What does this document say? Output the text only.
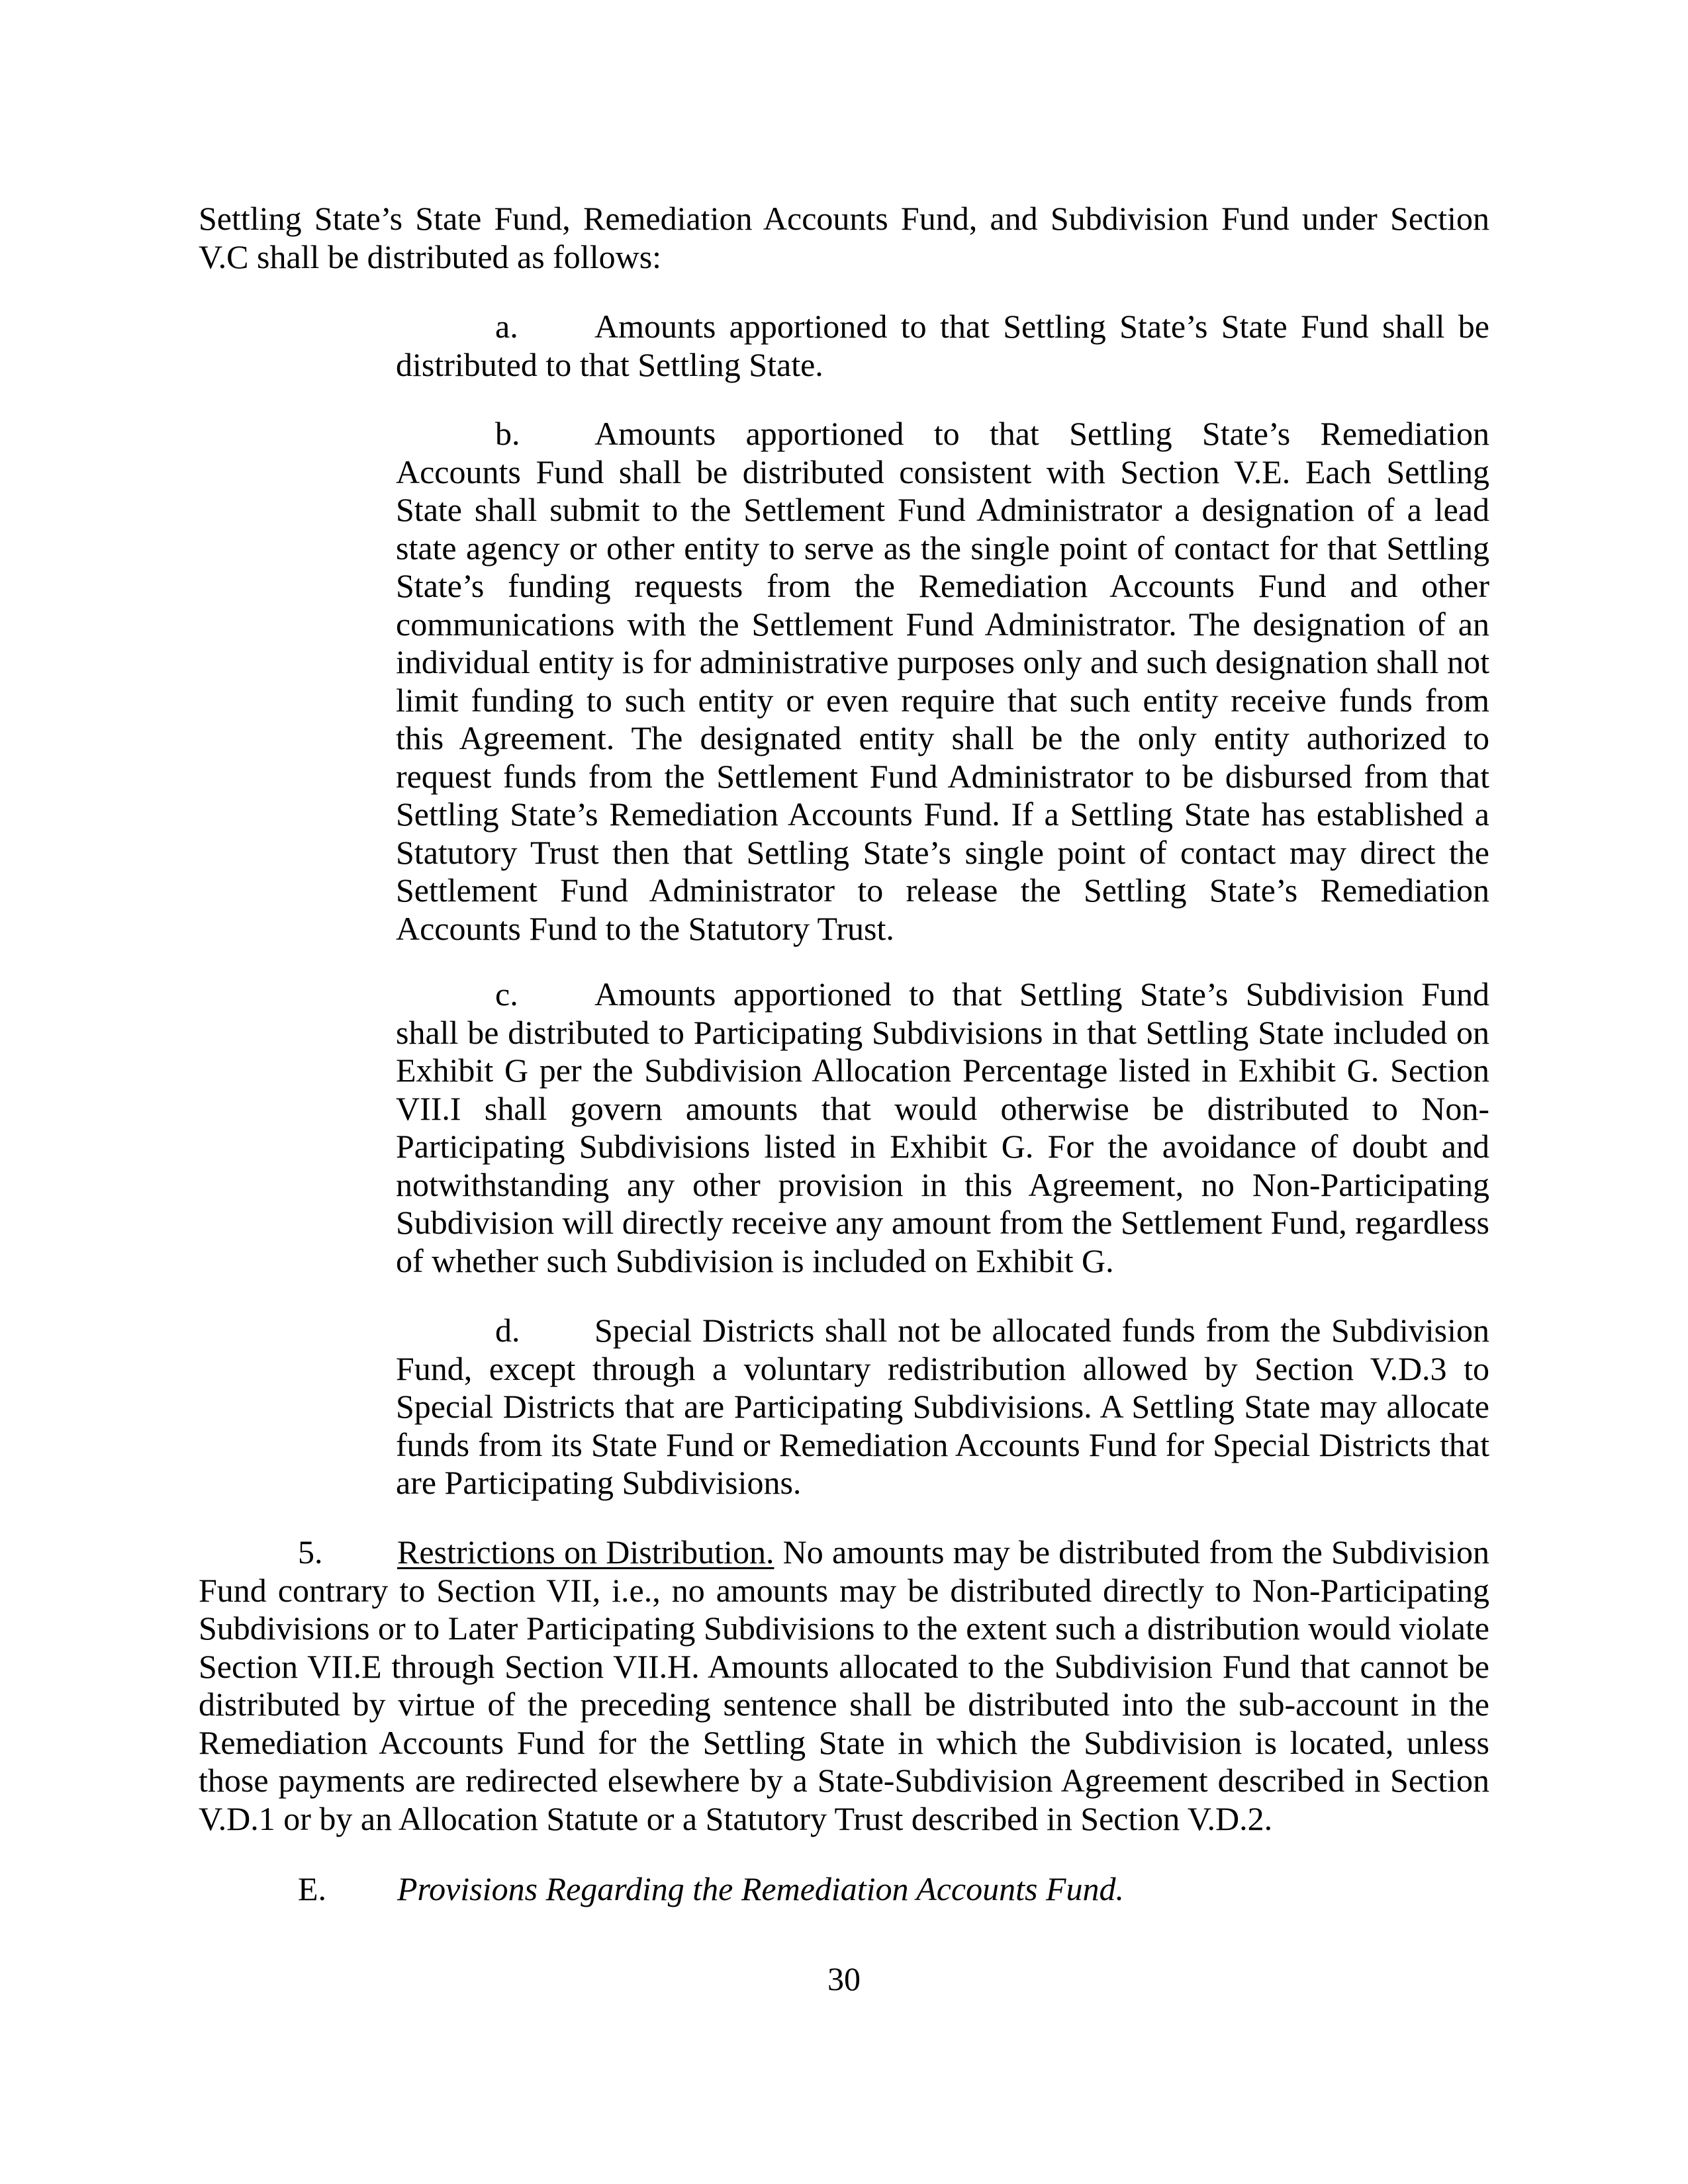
Settling State’s State Fund, Remediation Accounts Fund, and Subdivision Fund under Section V.C shall be distributed as follows:

a. Amounts apportioned to that Settling State’s State Fund shall be distributed to that Settling State.

b. Amounts apportioned to that Settling State’s Remediation Accounts Fund shall be distributed consistent with Section V.E. Each Settling State shall submit to the Settlement Fund Administrator a designation of a lead state agency or other entity to serve as the single point of contact for that Settling State’s funding requests from the Remediation Accounts Fund and other communications with the Settlement Fund Administrator. The designation of an individual entity is for administrative purposes only and such designation shall not limit funding to such entity or even require that such entity receive funds from this Agreement. The designated entity shall be the only entity authorized to request funds from the Settlement Fund Administrator to be disbursed from that Settling State’s Remediation Accounts Fund. If a Settling State has established a Statutory Trust then that Settling State’s single point of contact may direct the Settlement Fund Administrator to release the Settling State’s Remediation Accounts Fund to the Statutory Trust.

c. Amounts apportioned to that Settling State’s Subdivision Fund shall be distributed to Participating Subdivisions in that Settling State included on Exhibit G per the Subdivision Allocation Percentage listed in Exhibit G. Section VII.I shall govern amounts that would otherwise be distributed to Non-Participating Subdivisions listed in Exhibit G. For the avoidance of doubt and notwithstanding any other provision in this Agreement, no Non-Participating Subdivision will directly receive any amount from the Settlement Fund, regardless of whether such Subdivision is included on Exhibit G.

d. Special Districts shall not be allocated funds from the Subdivision Fund, except through a voluntary redistribution allowed by Section V.D.3 to Special Districts that are Participating Subdivisions. A Settling State may allocate funds from its State Fund or Remediation Accounts Fund for Special Districts that are Participating Subdivisions.

5. Restrictions on Distribution. No amounts may be distributed from the Subdivision Fund contrary to Section VII, i.e., no amounts may be distributed directly to Non-Participating Subdivisions or to Later Participating Subdivisions to the extent such a distribution would violate Section VII.E through Section VII.H. Amounts allocated to the Subdivision Fund that cannot be distributed by virtue of the preceding sentence shall be distributed into the sub-account in the Remediation Accounts Fund for the Settling State in which the Subdivision is located, unless those payments are redirected elsewhere by a State-Subdivision Agreement described in Section V.D.1 or by an Allocation Statute or a Statutory Trust described in Section V.D.2.

E. Provisions Regarding the Remediation Accounts Fund.
30
